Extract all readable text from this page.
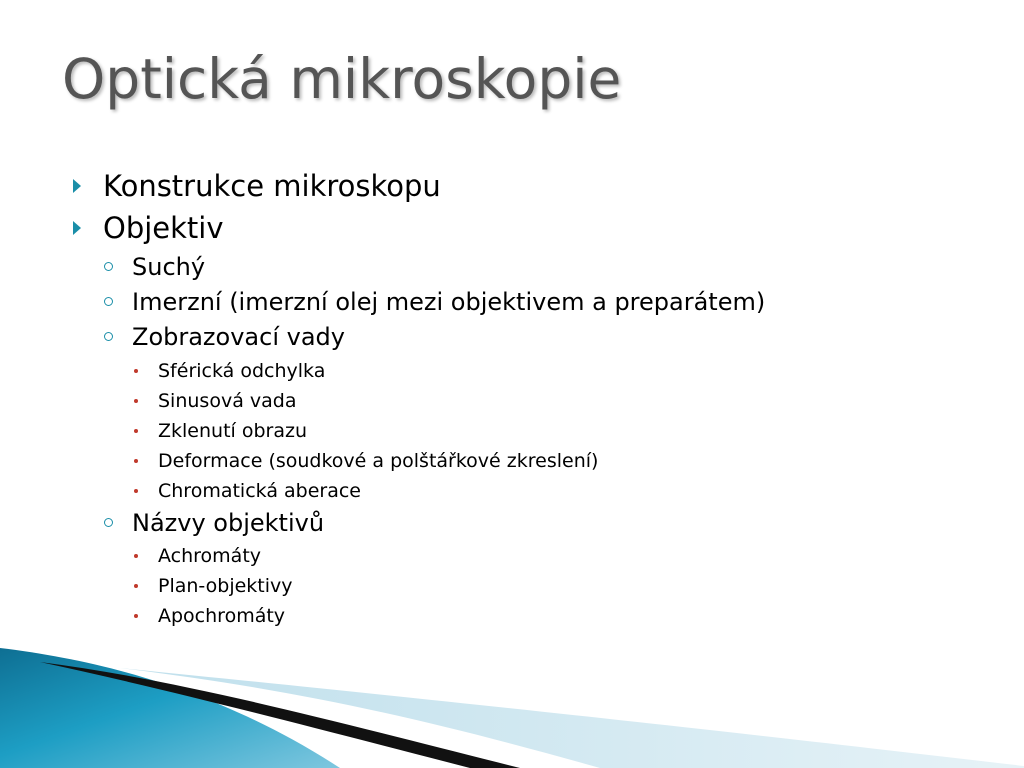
Optická mikroskopie
Konstrukce mikroskopu
Objektiv
Suchý
Imerzní (imerzní olej mezi objektivem a preparátem)
Zobrazovací vady
Sférická odchylka
Sinusová vada
Zklenutí obrazu
Deformace (soudkové a polštářkové zkreslení)
Chromatická aberace
Názvy objektivů
Achromáty
Plan-objektivy
Apochromáty
